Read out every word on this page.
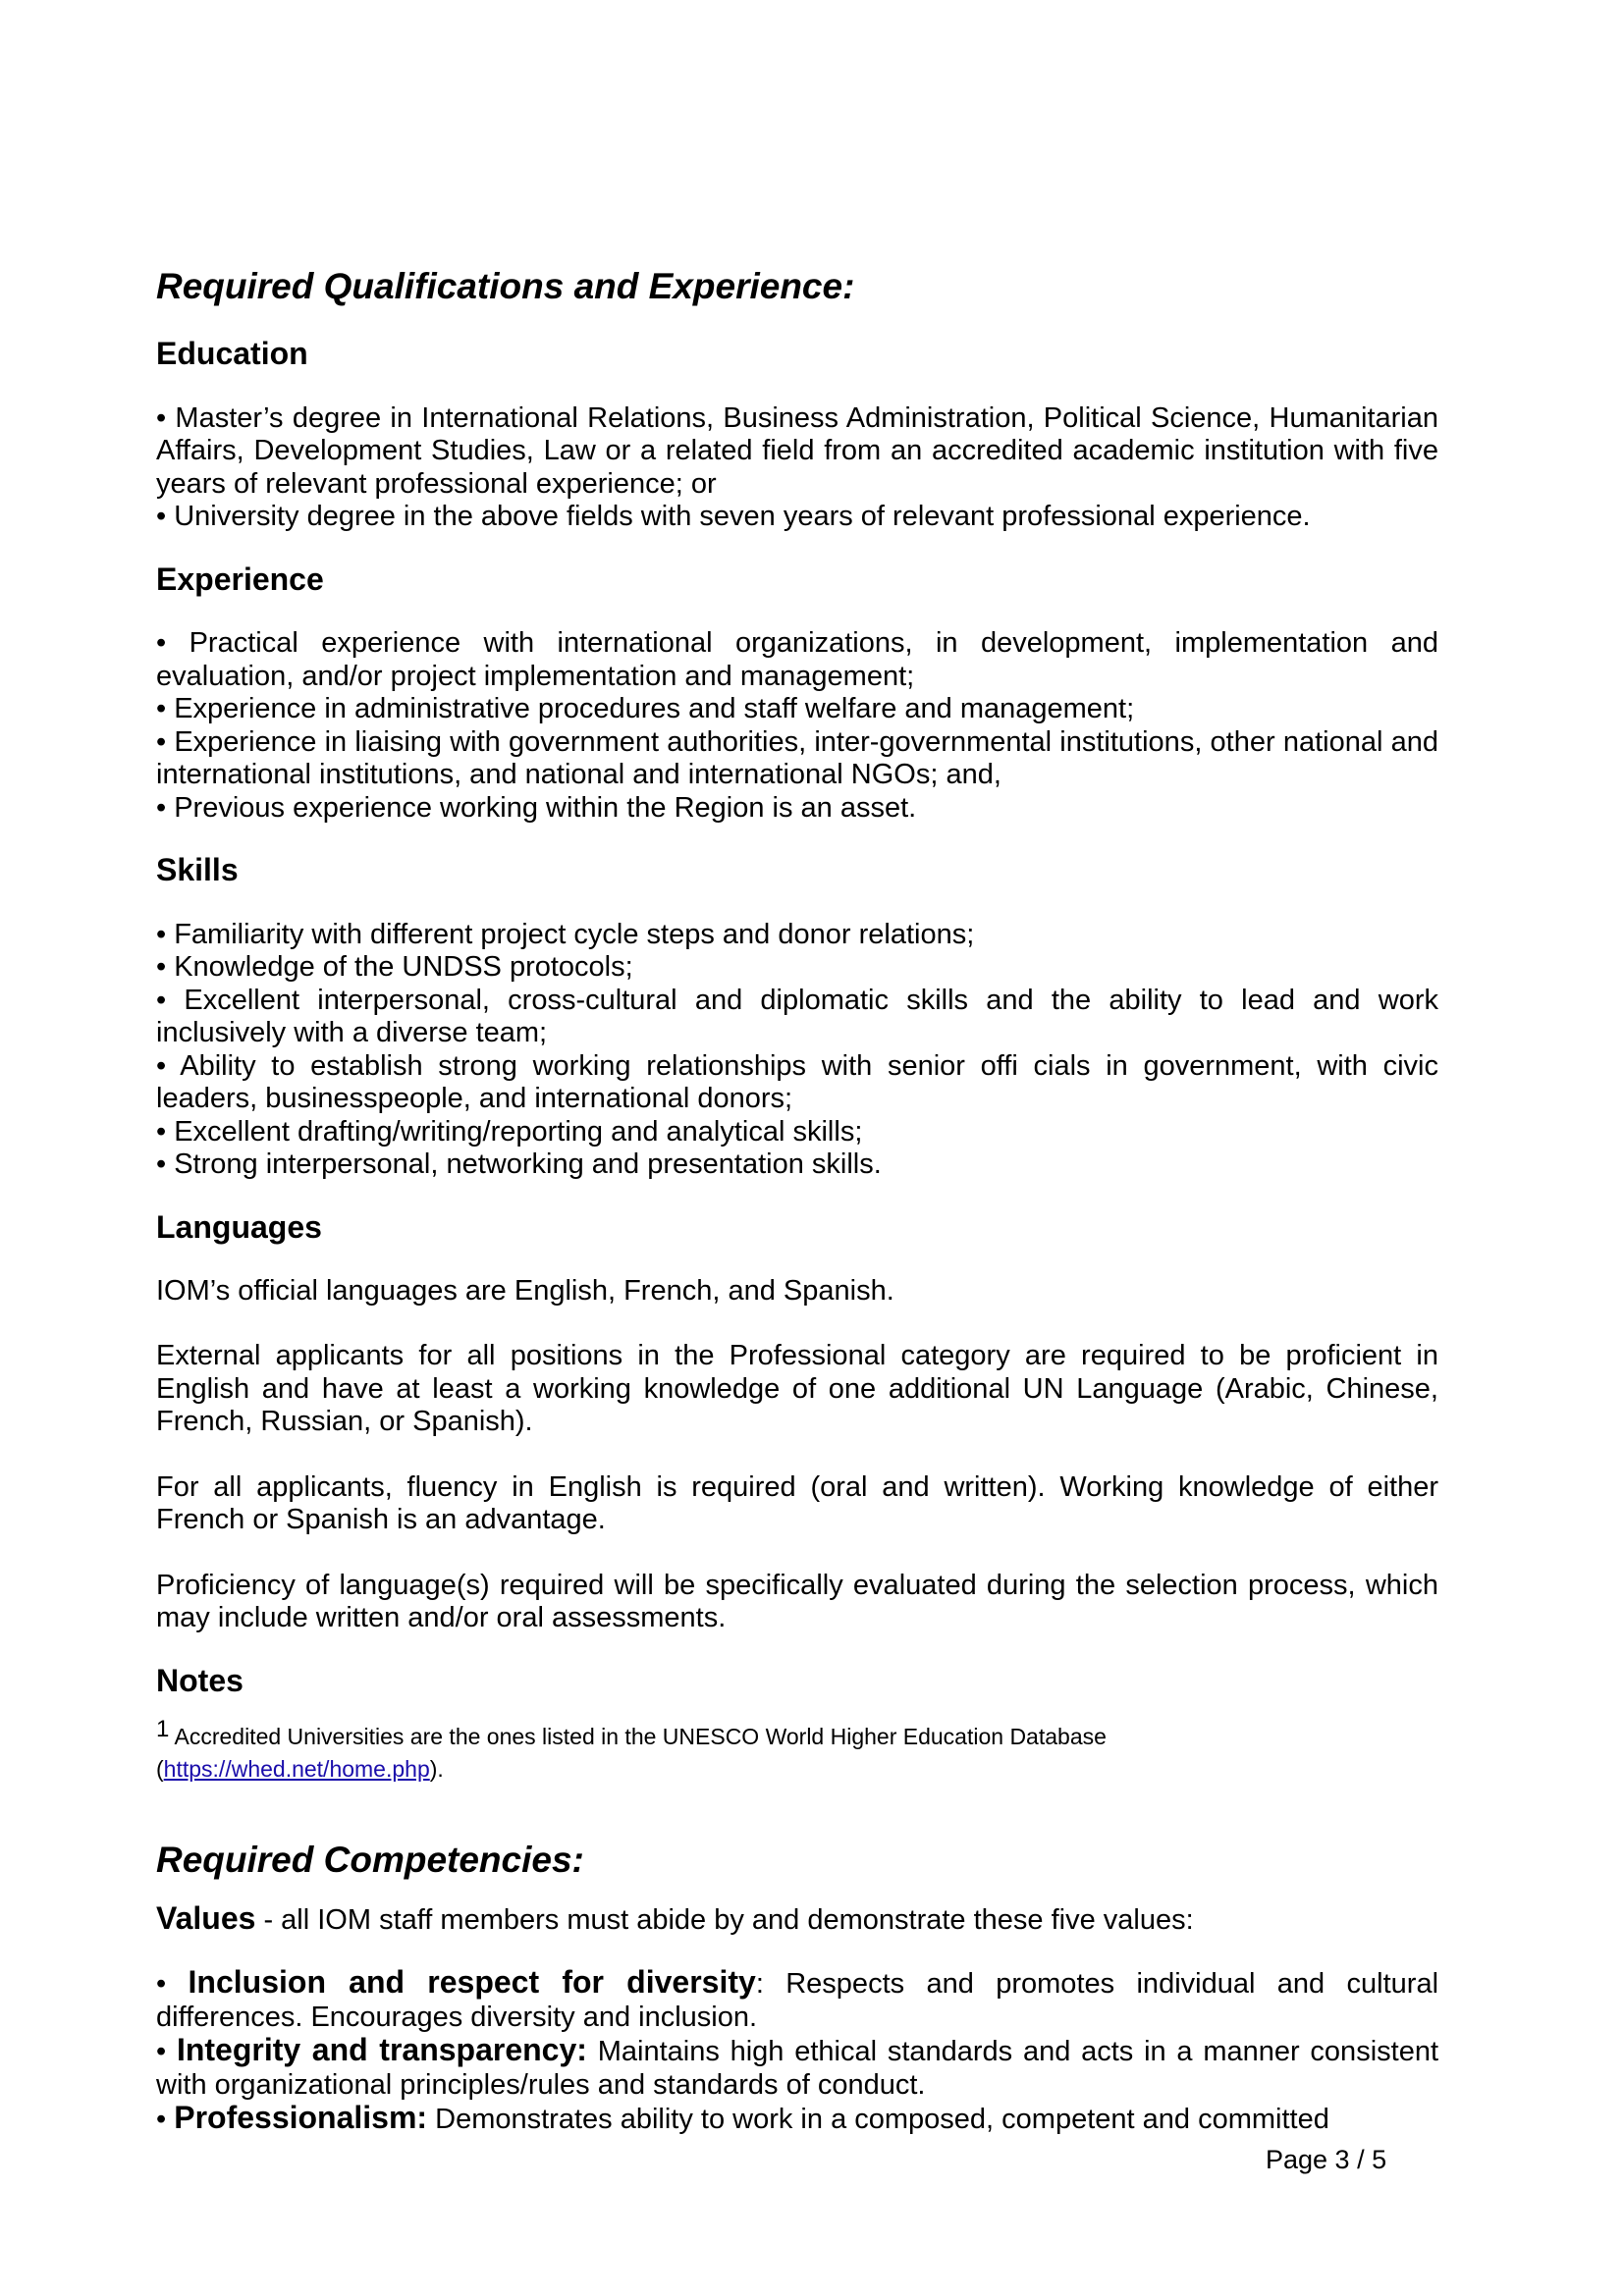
Required Qualifications and Experience:
Education

• Master’s degree in International Relations, Business Administration, Political Science, Humanitarian Affairs, Development Studies, Law or a related field from an accredited academic institution with five years of relevant professional experience; or

• University degree in the above fields with seven years of relevant professional experience.

Experience

• Practical experience with international organizations, in development, implementation and evaluation, and/or project implementation and management;

• Experience in administrative procedures and staff welfare and management;

• Experience in liaising with government authorities, inter-governmental institutions, other national and international institutions, and national and international NGOs; and,

• Previous experience working within the Region is an asset.

Skills

• Familiarity with different project cycle steps and donor relations;

• Knowledge of the UNDSS protocols;

• Excellent interpersonal, cross-cultural and diplomatic skills and the ability to lead and work inclusively with a diverse team;

• Ability to establish strong working relationships with senior offi cials in government, with civic leaders, businesspeople, and international donors;

• Excellent drafting/writing/reporting and analytical skills;

• Strong interpersonal, networking and presentation skills.

Languages

IOM’s official languages are English, French, and Spanish.

External applicants for all positions in the Professional category are required to be proficient in English and have at least a working knowledge of one additional UN Language (Arabic, Chinese, French, Russian, or Spanish).

For all applicants, fluency in English is required (oral and written). Working knowledge of either French or Spanish is an advantage.

Proficiency of language(s) required will be specifically evaluated during the selection process, which may include written and/or oral assessments.

Notes

1 Accredited Universities are the ones listed in the UNESCO World Higher Education Database

(https://whed.net/home.php).

Required Competencies:

Values - all IOM staff members must abide by and demonstrate these five values:

• Inclusion and respect for diversity: Respects and promotes individual and cultural differences. Encourages diversity and inclusion.

• Integrity and transparency: Maintains high ethical standards and acts in a manner consistent with organizational principles/rules and standards of conduct.

• Professionalism: Demonstrates ability to work in a composed, competent and committed

Page 3 / 5
